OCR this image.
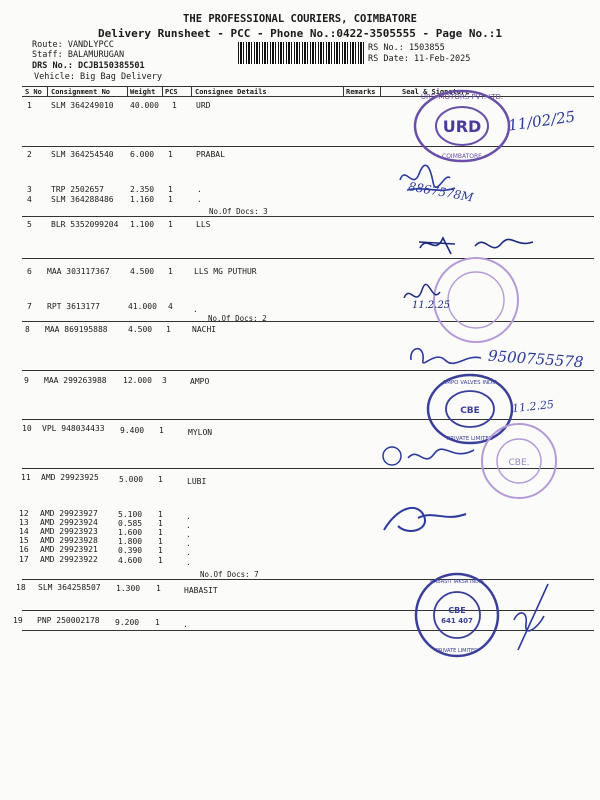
THE PROFESSIONAL COURIERS, COIMBATORE
Delivery Runsheet - PCC - Phone No.:0422-3505555 - Page No.:1
Route: VANDLYPCC
Staff: BALAMURUGAN
DRS No.: DCJB150385501
Vehicle: Big Bag Delivery
RS No.: 1503855
RS Date: 11-Feb-2025
S No Consignment No	Weight PCS Consignee Details	Remarks	Seal & Signature
1 SLM 364249010 40.000 1 URD
2 SLM 364254540 6.000 1	PRABAL
3 TRP 2502657	2.350 1	.
4 SLM 364288486 1.160 1	.
No.Of Docs: 3
5 BLR 5352099204 1.100 1	LLS
6 MAA 303117367	4.500 1	LLS MG PUTHUR
7 RPT 3613177	41.000 4	.
No.Of Docs: 2
8 MAA 869195888	4.500 1	NACHI
9 MAA 299263988 12.000 3	AMPO
10 VPL 948034433 9.400 1	MYLON
11 AMD 29923925	5.000 1	LUBI
12 AMD 29923927	5.100 1	.
13 AMD 29923924	0.585 1	.
14 AMD 29923923	1.600 1	.
15 AMD 29923928	1.800 1	.
16 AMD 29923921	0.390 1	.
17 AMD 29923922	4.600 1	.
No.Of Docs: 7
18 SLM 364258507 1.300 1	HABASIT
19 PNP 250002178 9.200 1	.
URD
URD MOTORS PVT. LTD.
• COIMBATORE •
11/02/25
8867578M
11.2.25
9500755578
CBE
AMPO VALVES INDIA
PRIVATE LIMITED
11.2.25
CBE.
CBE
641 407
HABASIT IAKSA INDIA
PRIVATE LIMITED
